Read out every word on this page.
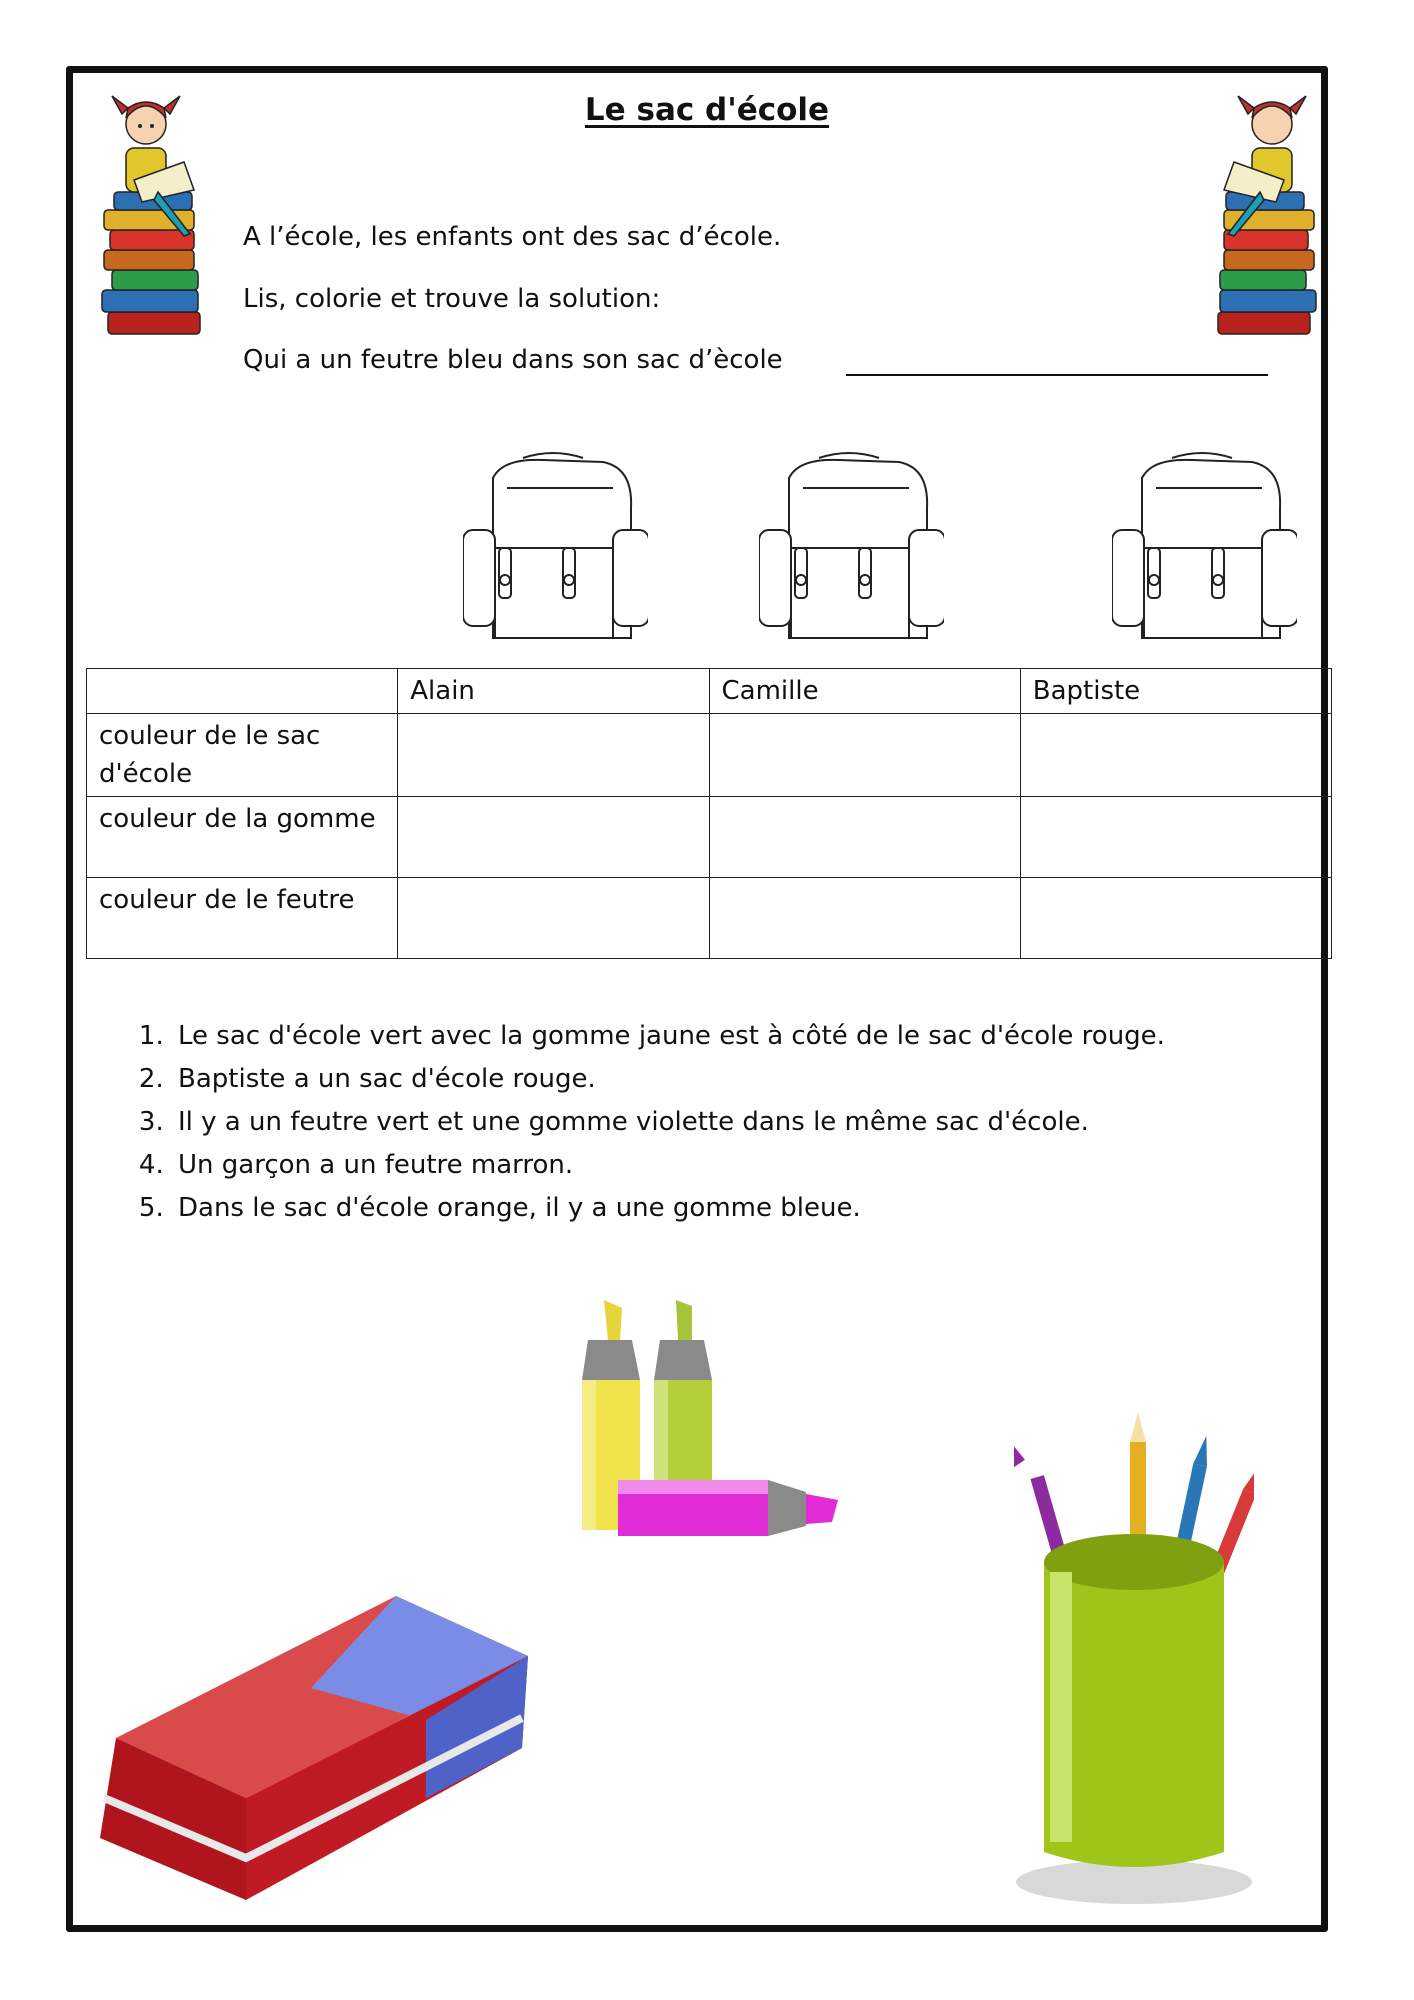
Le sac d'école
A l’école, les enfants ont des sac d’école.
Lis, colorie et trouve la solution:
Qui a un feutre bleu dans son sac d’ècole
	Alain	Camille	Baptiste
couleur de le sac d'école			
couleur de la gomme			
couleur de le feutre			
1. Le sac d'école vert avec la gomme jaune est à côté de le sac d'école rouge.
2. Baptiste a un sac d'école rouge.
3. Il y a un feutre vert et une gomme violette dans le même sac d'école.
4. Un garçon a un feutre marron.
5. Dans le sac d'école orange, il y a une gomme bleue.
